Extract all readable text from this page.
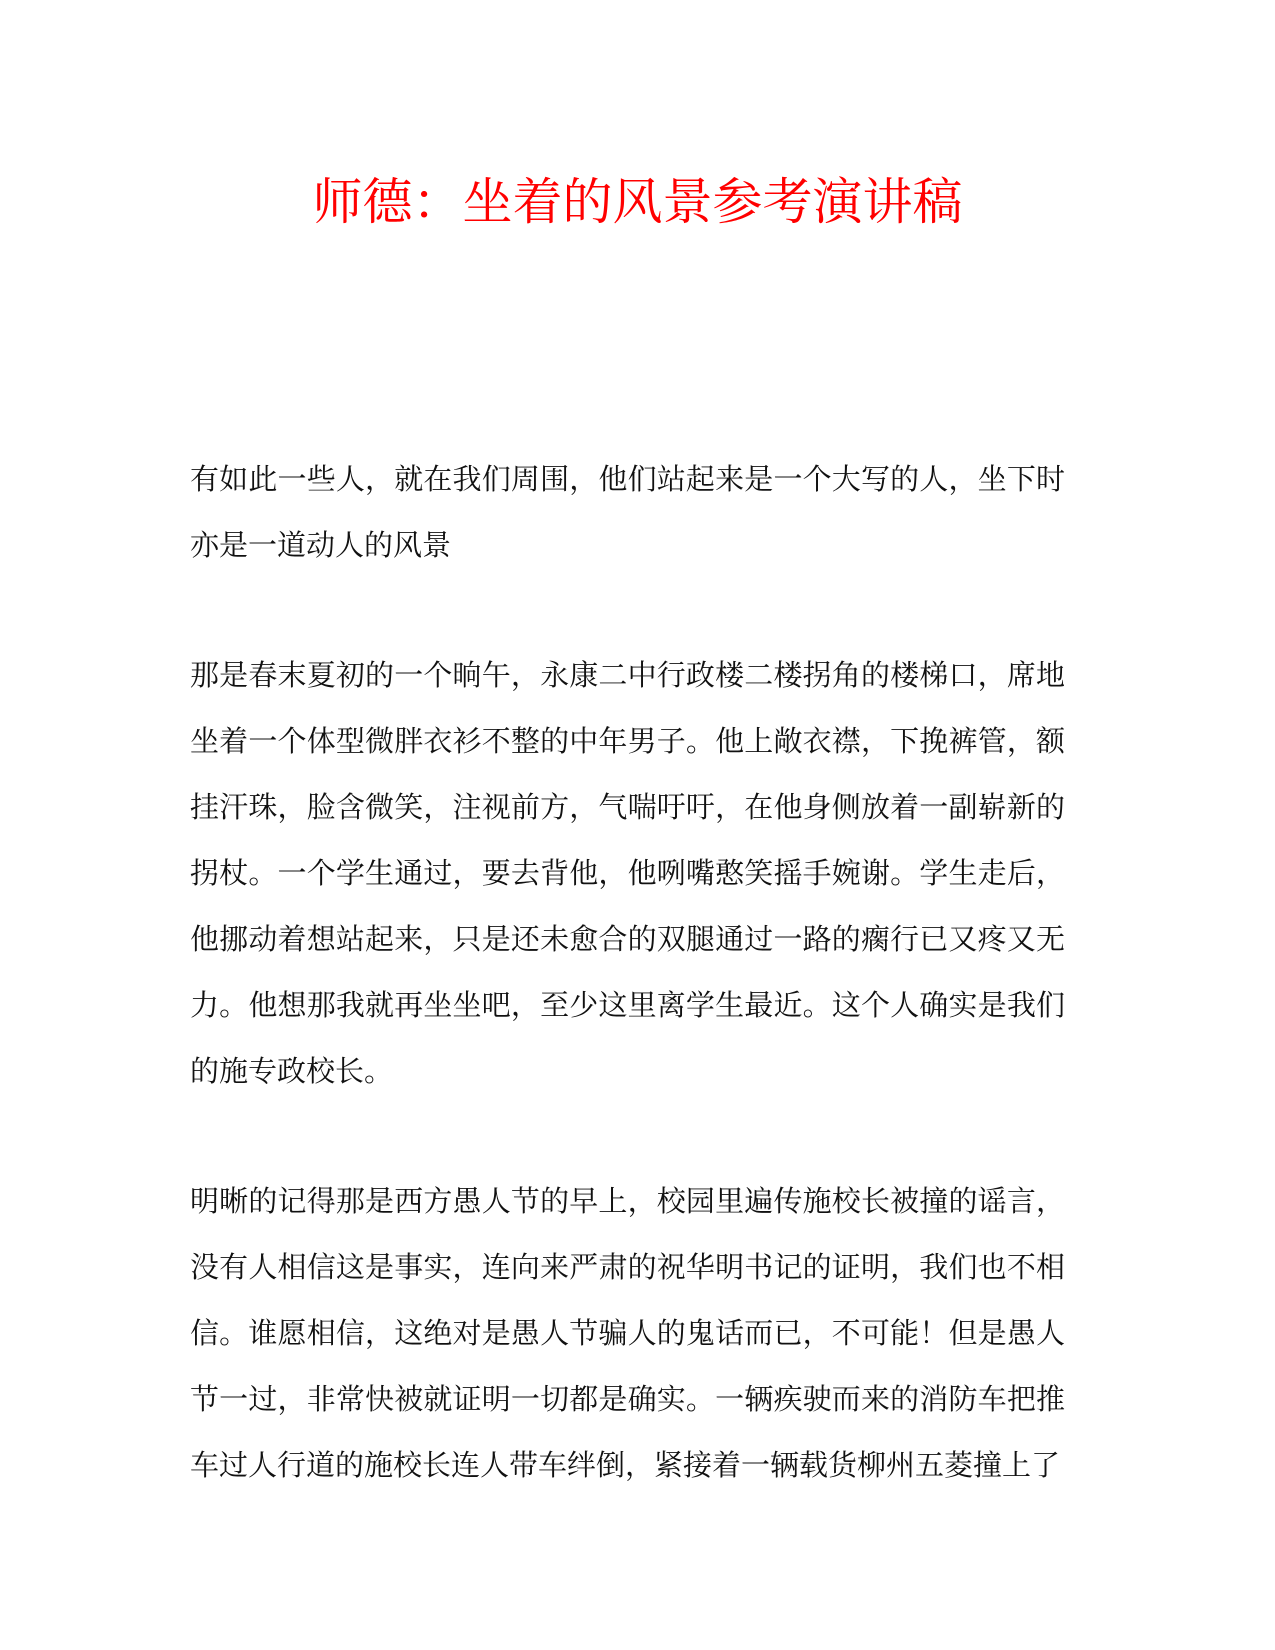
师德：坐着的风景参考演讲稿

有如此一些人，就在我们周围，他们站起来是一个大写的人，坐下时亦是一道动人的风景

那是春末夏初的一个晌午，永康二中行政楼二楼拐角的楼梯口，席地坐着一个体型微胖衣衫不整的中年男子。他上敞衣襟，下挽裤管，额挂汗珠，脸含微笑，注视前方，气喘吁吁，在他身侧放着一副崭新的拐杖。一个学生通过，要去背他，他咧嘴憨笑摇手婉谢。学生走后，他挪动着想站起来，只是还未愈合的双腿通过一路的瘸行已又疼又无力。他想那我就再坐坐吧，至少这里离学生最近。这个人确实是我们的施专政校长。

明晰的记得那是西方愚人节的早上，校园里遍传施校长被撞的谣言，没有人相信这是事实，连向来严肃的祝华明书记的证明，我们也不相信。谁愿相信，这绝对是愚人节骗人的鬼话而已，不可能！但是愚人节一过，非常快被就证明一切都是确实。一辆疾驶而来的消防车把推车过人行道的施校长连人带车绊倒，紧接着一辆载货柳州五菱撞上了
